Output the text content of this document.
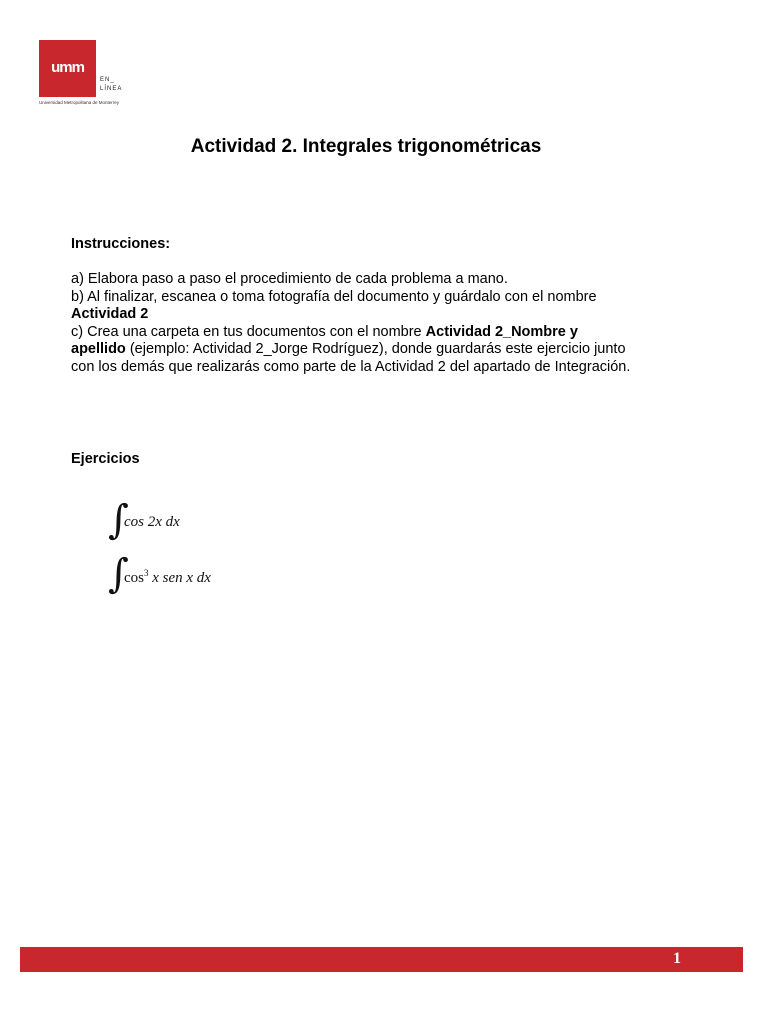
umm
EN_
LÍNEA
Universidad Metropolitana de Monterrey
Actividad 2. Integrales trigonométricas
Instrucciones:

a) Elabora paso a paso el procedimiento de cada problema a mano.

b) Al finalizar, escanea o toma fotografía del documento y guárdalo con el nombre

Actividad 2

c) Crea una carpeta en tus documentos con el nombre Actividad 2_Nombre y
apellido (ejemplo: Actividad 2_Jorge Rodríguez), donde guardarás este ejercicio junto con los demás que realizarás como parte de la Actividad 2 del apartado de Integración.

Ejercicios
∫
cos 2x dx
∫
$\cos^3 x$ sen x dx
1
